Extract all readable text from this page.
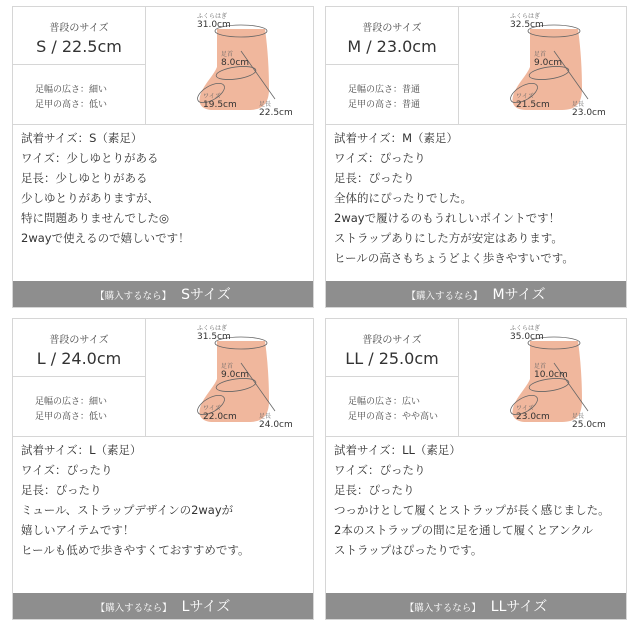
普段のサイズ
S / 22.5cm
足幅の広さ：細い
足甲の高さ：低い
ふくらはぎ
31.0cm
足首
8.0cm
ワイズ
19.5cm	足長
22.5cm
試着サイズ：S（素足）
ワイズ：少しゆとりがある
足長：少しゆとりがある
少しゆとりがありますが、
特に問題ありませんでした◎
2wayで使えるので嬉しいです！
【購入するなら】 Sサイズ
普段のサイズ
M / 23.0cm
足幅の広さ：普通
足甲の高さ：普通
ふくらはぎ
32.5cm
足首
9.0cm
ワイズ
21.5cm	足長
23.0cm
試着サイズ：M（素足）
ワイズ：ぴったり
足長：ぴったり
全体的にぴったりでした。
2wayで履けるのもうれしいポイントです！
ストラップありにした方が安定はあります。
ヒールの高さもちょうどよく歩きやすいです。
【購入するなら】 Mサイズ
普段のサイズ
L / 24.0cm
足幅の広さ：細い
足甲の高さ：低い
ふくらはぎ
31.5cm
足首
9.0cm
ワイズ
22.0cm	足長
24.0cm
試着サイズ：L（素足）
ワイズ：ぴったり
足長：ぴったり
ミュール、ストラップデザインの2wayが
嬉しいアイテムです！
ヒールも低めで歩きやすくておすすめです。
【購入するなら】 Lサイズ
普段のサイズ
LL / 25.0cm
足幅の広さ：広い
足甲の高さ：やや高い
ふくらはぎ
35.0cm
足首
10.0cm
ワイズ
23.0cm	足長
25.0cm
試着サイズ：LL（素足）
ワイズ：ぴったり
足長：ぴったり
つっかけとして履くとストラップが長く感じました。
2本のストラップの間に足を通して履くとアンクル
ストラップはぴったりです。
【購入するなら】 LLサイズ
